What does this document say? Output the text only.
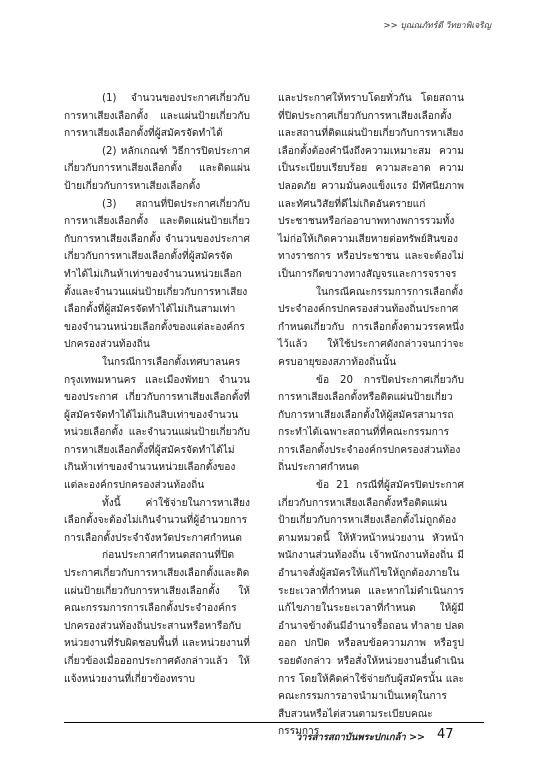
>> บุณณภัทร์ตี วิทยาพิเจริญ

(1) จำนวนของประกาศเกี่ยวกับการหาเสียงเลือกตั้ง และแผ่นป้ายเกี่ยวกับการหาเสียงเลือกตั้งที่ผู้สมัครจัดทำได้

(2) หลักเกณฑ์ วิธีการปิดประกาศเกี่ยวกับการหาเสียงเลือกตั้ง และติดแผ่นป้ายเกี่ยวกับการหาเสียงเลือกตั้ง

(3) สถานที่ปิดประกาศเกี่ยวกับการหาเสียงเลือกตั้ง และติดแผ่นป้ายเกี่ยวกับการหาเสียงเลือกตั้ง จำนวนของประกาศเกี่ยวกับการหาเสียงเลือกตั้งที่ผู้สมัครจัดทำได้ไม่เกินห้าเท่าของจำนวนหน่วยเลือกตั้งและจำนวนแผ่นป้ายเกี่ยวกับการหาเสียงเลือกตั้งที่ผู้สมัครจัดทำได้ไม่เกินสามเท่าของจำนวนหน่วยเลือกตั้งของแต่ละองค์กรปกครองส่วนท้องถิ่น

ในกรณีการเลือกตั้งเทศบาลนครกรุงเทพมหานคร และเมืองพัทยา จำนวนของประกาศ เกี่ยวกับการหาเสียงเลือกตั้งที่ผู้สมัครจัดทำได้ไม่เกินสิบเท่าของจำนวนหน่วยเลือกตั้ง และจำนวนแผ่นป้ายเกี่ยวกับการหาเสียงเลือกตั้งที่ผู้สมัครจัดทำได้ไม่เกินห้าเท่าของจำนวนหน่วยเลือกตั้งของแต่ละองค์กรปกครองส่วนท้องถิ่น

ทั้งนี้ ค่าใช้จ่ายในการหาเสียงเลือกตั้งจะต้องไม่เกินจำนวนที่ผู้อำนวยการการเลือกตั้งประจำจังหวัดประกาศกำหนด

ก่อนประกาศกำหนดสถานที่ปิดประกาศเกี่ยวกับการหาเสียงเลือกตั้งและติดแผ่นป้ายเกี่ยวกับการหาเสียงเลือกตั้ง ให้คณะกรรมการการเลือกตั้งประจำองค์กรปกครองส่วนท้องถิ่นประสานหรือหารือกับหน่วยงานที่รับผิดชอบพื้นที่ และหน่วยงานที่เกี่ยวข้องเมื่อออกประกาศดังกล่าวแล้ว ให้แจ้งหน่วยงานที่เกี่ยวข้องทราบ

และประกาศให้ทราบโดยทั่วกัน โดยสถานที่ปิดประกาศเกี่ยวกับการหาเสียงเลือกตั้ง และสถานที่ติดแผ่นป้ายเกี่ยวกับการหาเสียงเลือกตั้งต้องคำนึงถึงความเหมาะสม ความเป็นระเบียบเรียบร้อย ความสะอาด ความปลอดภัย ความมั่นคงแข็งแรง มีทัศนียภาพและทัศนวิสัยที่ดีไม่เกิดอันตรายแก่ประชาชนหรือก่ออาบาพทางพการรวมทั้งไม่ก่อให้เกิดความเสียหายต่อทรัพย์สินของทางราชการ หรือประชาชน และจะต้องไม่เป็นการกีดขวางทางสัญจรและการจราจร

ในกรณีคณะกรรมการการเลือกตั้งประจำองค์กรปกครองส่วนท้องถิ่นประกาศกำหนดเกี่ยวกับ การเลือกตั้งตามวรรคหนึ่งไว้แล้ว ให้ใช้ประกาศดังกล่าวจนกว่าจะครบอายุของสภาท้องถิ่นนั้น

ข้อ 20 การปิดประกาศเกี่ยวกับการหาเสียงเลือกตั้งหรือติดแผ่นป้ายเกี่ยวกับการหาเสียงเลือกตั้งให้ผู้สมัครสามารถกระทำได้เฉพาะสถานที่ที่คณะกรรมการการเลือกตั้งประจำองค์กรปกครองส่วนท้องถิ่นประกาศกำหนด

ข้อ 21 กรณีที่ผู้สมัครปิดประกาศเกี่ยวกับการหาเสียงเลือกตั้งหรือติดแผ่นป้ายเกี่ยวกับการหาเสียงเลือกตั้งไม่ถูกต้องตามหมวดนี้ ให้หัวหน้าหน่วยงาน หัวหน้าพนักงานส่วนท้องถิ่น เจ้าพนักงานท้องถิ่น มีอำนาจสั่งผู้สมัครให้แก้ไขให้ถูกต้องภายในระยะเวลาที่กำหนด และหากไม่ดำเนินการแก้ไขภายในระยะเวลาที่กำหนด ให้ผู้มีอำนาจข้างต้นมีอำนาจรื้อถอน ทำลาย ปลดออก ปกปิด หรือลบข้อความภาพ หรือรูปรอยดังกล่าว หรือสั่งให้หน่วยงานอื่นดำเนินการ โดยให้คิดค่าใช้จ่ายกับผู้สมัครนั้น และคณะกรรมการอาจนำมาเป็นเหตุในการสืบสวนหรือไต่สวนตามระเบียบคณะกรรมการ

วารสารสถาบันพระปกเกล้า >> 47
